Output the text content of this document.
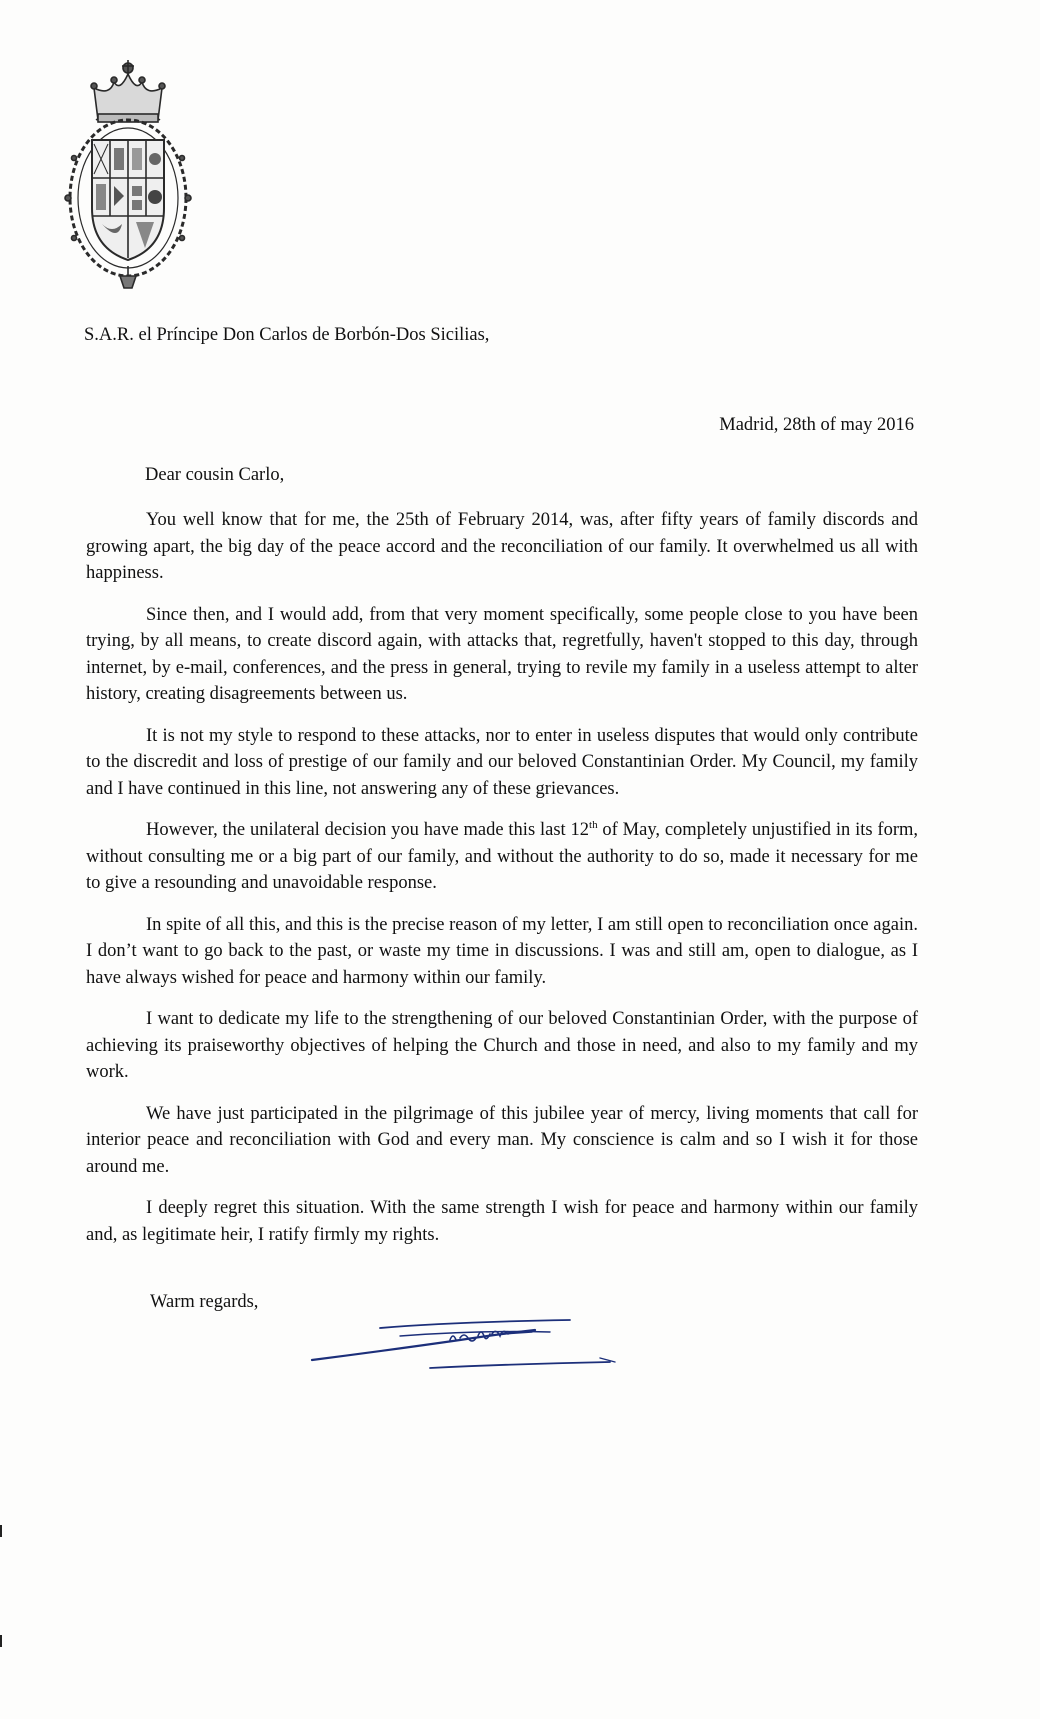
S.A.R. el Príncipe Don Carlos de Borbón-Dos Sicilias,
Madrid, 28th of may 2016
Dear cousin Carlo,

You well know that for me, the 25th of February 2014, was, after fifty years of family discords and growing apart, the big day of the peace accord and the reconciliation of our family. It overwhelmed us all with happiness.

Since then, and I would add, from that very moment specifically, some people close to you have been trying, by all means, to create discord again, with attacks that, regretfully, haven't stopped to this day, through internet, by e-mail, conferences, and the press in general, trying to revile my family in a useless attempt to alter history, creating disagreements between us.

It is not my style to respond to these attacks, nor to enter in useless disputes that would only contribute to the discredit and loss of prestige of our family and our beloved Constantinian Order. My Council, my family and I have continued in this line, not answering any of these grievances.

However, the unilateral decision you have made this last 12th of May, completely unjustified in its form, without consulting me or a big part of our family, and without the authority to do so, made it necessary for me to give a resounding and unavoidable response.

In spite of all this, and this is the precise reason of my letter, I am still open to reconciliation once again. I don’t want to go back to the past, or waste my time in discussions. I was and still am, open to dialogue, as I have always wished for peace and harmony within our family.

I want to dedicate my life to the strengthening of our beloved Constantinian Order, with the purpose of achieving its praiseworthy objectives of helping the Church and those in need, and also to my family and my work.

We have just participated in the pilgrimage of this jubilee year of mercy, living moments that call for interior peace and reconciliation with God and every man. My conscience is calm and so I wish it for those around me.

I deeply regret this situation. With the same strength I wish for peace and harmony within our family and, as legitimate heir, I ratify firmly my rights.

Warm regards,
